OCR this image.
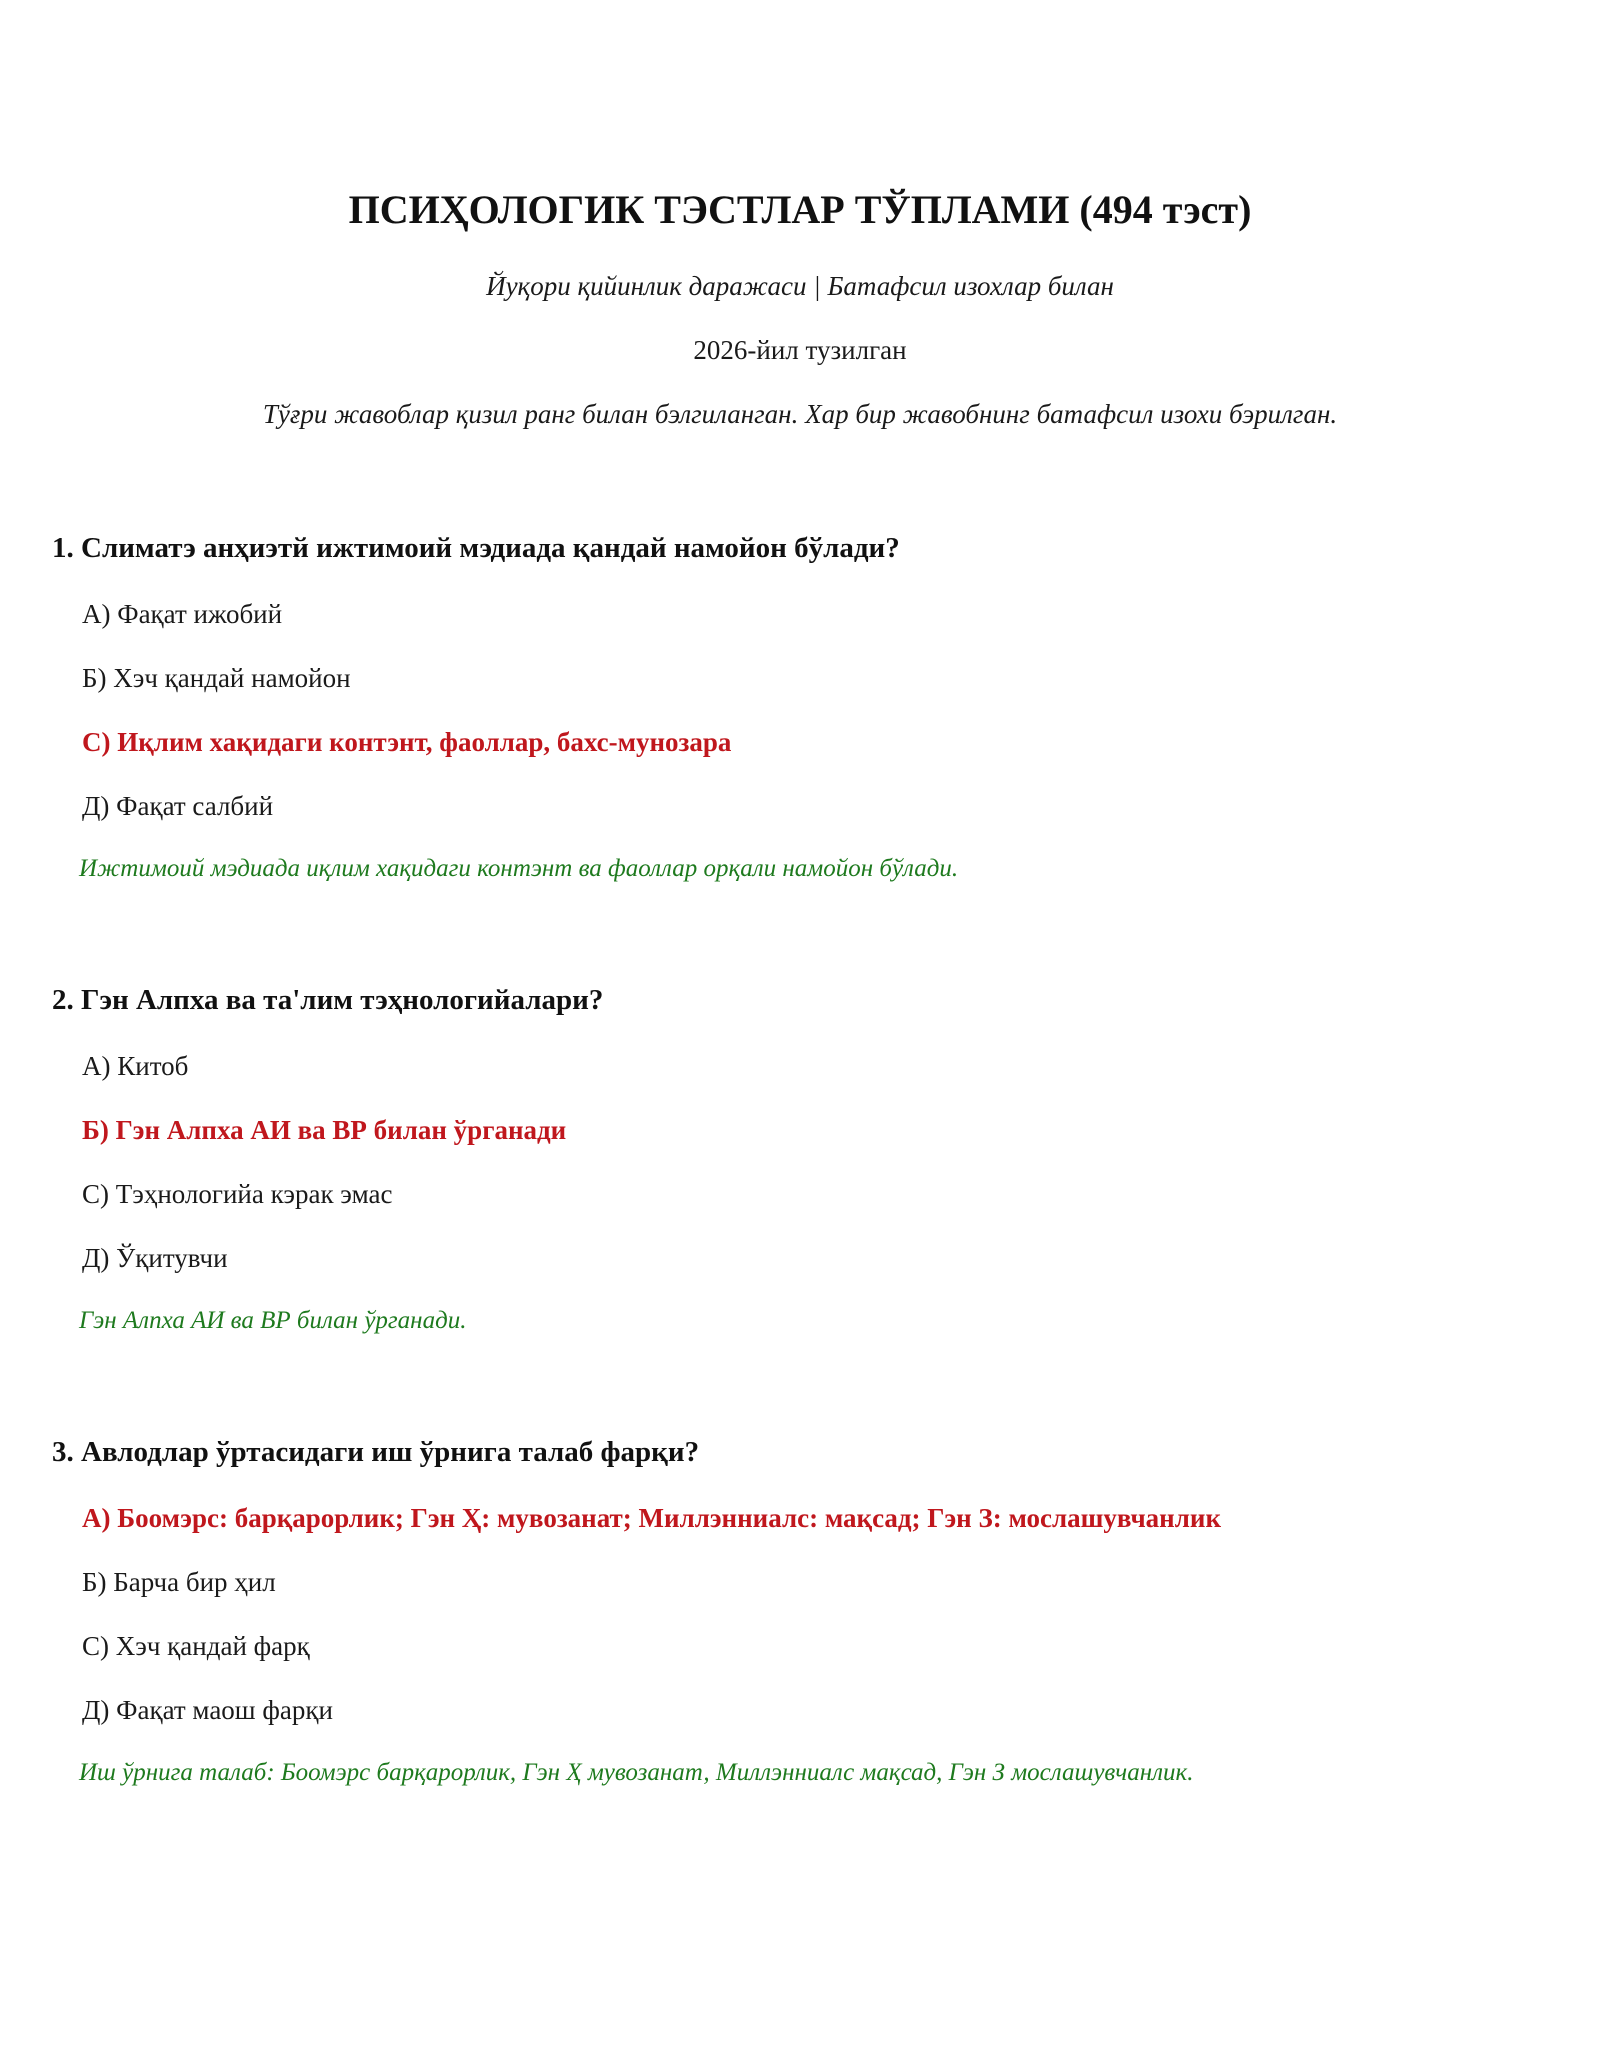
ПСИҲОЛОГИК ТЭСТЛАР ТЎПЛАМИ (494 тэст)
Йуқори қийинлик даражаси | Батафсил изохлар билан
2026-йил тузилган
Тўғри жавоблар қизил ранг билан бэлгиланган. Хар бир жавобнинг батафсил изохи бэрилган.

1. Слиматэ анҳиэтй ижтимоий мэдиада қандай намойон бўлади?

А) Фақат ижобий
Б) Хэч қандай намойон
С) Иқлим хақидаги контэнт, фаоллар, бахс-мунозара
Д) Фақат салбий
Ижтимоий мэдиада иқлим хақидаги контэнт ва фаоллар орқали намойон бўлади.

2. Гэн Алпха ва та'лим тэҳнологийалари?

А) Китоб
Б) Гэн Алпха АИ ва ВР билан ўрганади
С) Тэҳнологийа кэрак эмас
Д) Ўқитувчи
Гэн Алпха АИ ва ВР билан ўрганади.

3. Авлодлар ўртасидаги иш ўрнига талаб фарқи?

А) Боомэрс: барқарорлик; Гэн Ҳ: мувозанат; Миллэнниалс: мақсад; Гэн З: мослашувчанлик
Б) Барча бир ҳил
С) Хэч қандай фарқ
Д) Фақат маош фарқи
Иш ўрнига талаб: Боомэрс барқарорлик, Гэн Ҳ мувозанат, Миллэнниалс мақсад, Гэн З мослашувчанлик.
